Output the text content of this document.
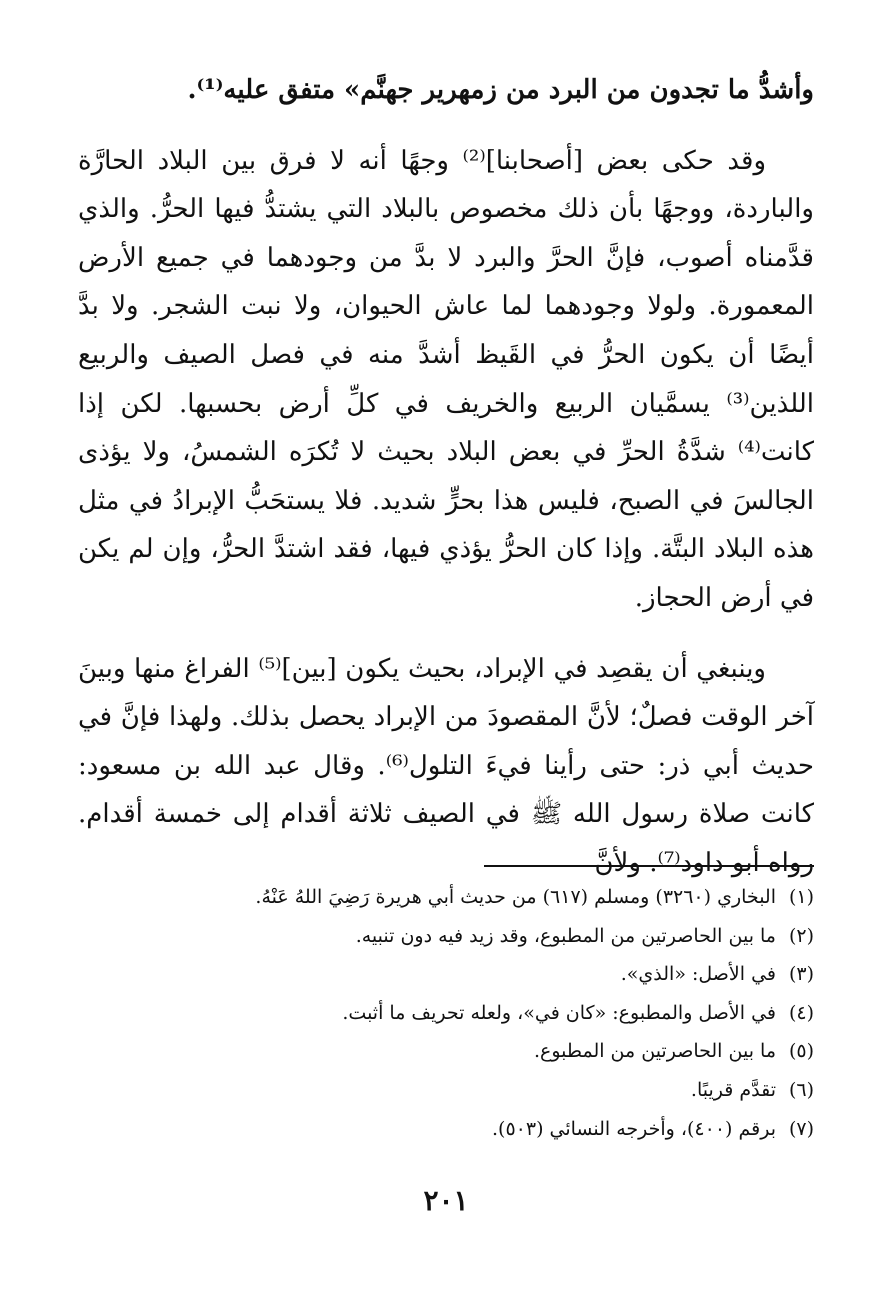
وأشدُّ ما تجدون من البرد من زمهرير جهنَّم» متفق عليه⁽¹⁾.

وقد حكى بعض [أصحابنا]⁽²⁾ وجهًا أنه لا فرق بين البلاد الحارَّة والباردة، ووجهًا بأن ذلك مخصوص بالبلاد التي يشتدُّ فيها الحرُّ. والذي قدَّمناه أصوب، فإنَّ الحرَّ والبرد لا بدَّ من وجودهما في جميع الأرض المعمورة. ولولا وجودهما لما عاش الحيوان، ولا نبت الشجر. ولا بدَّ أيضًا أن يكون الحرُّ في القَيظ أشدَّ منه في فصل الصيف والربيع اللذين⁽³⁾ يسمَّيان الربيع والخريف في كلِّ أرض بحسبها. لكن إذا كانت⁽⁴⁾ شدَّةُ الحرِّ في بعض البلاد بحيث لا تُكرَه الشمسُ، ولا يؤذى الجالسَ في الصبح، فليس هذا بحرٍّ شديد. فلا يستحَبُّ الإبرادُ في مثل هذه البلاد البتَّة. وإذا كان الحرُّ يؤذي فيها، فقد اشتدَّ الحرُّ، وإن لم يكن في أرض الحجاز.

وينبغي أن يقصِد في الإبراد، بحيث يكون [بين]⁽⁵⁾ الفراغ منها وبينَ آخر الوقت فصلٌ؛ لأنَّ المقصودَ من الإبراد يحصل بذلك. ولهذا فإنَّ في حديث أبي ذر: حتى رأينا فيءَ التلول⁽⁶⁾. وقال عبد الله بن مسعود: كانت صلاة رسول الله ﷺ في الصيف ثلاثة أقدام إلى خمسة أقدام. رواه أبو داود⁽⁷⁾. ولأنَّ

(١)البخاري (٣٢٦٠) ومسلم (٦١٧) من حديث أبي هريرة رَضِيَ اللهُ عَنْهُ.
(٢)ما بين الحاصرتين من المطبوع، وقد زيد فيه دون تنبيه.
(٣)في الأصل: «الذي».
(٤)في الأصل والمطبوع: «كان في»، ولعله تحريف ما أثبت.
(٥)ما بين الحاصرتين من المطبوع.
(٦)تقدَّم قريبًا.
(٧)برقم (٤٠٠)، وأخرجه النسائي (٥٠٣).
٢٠١
